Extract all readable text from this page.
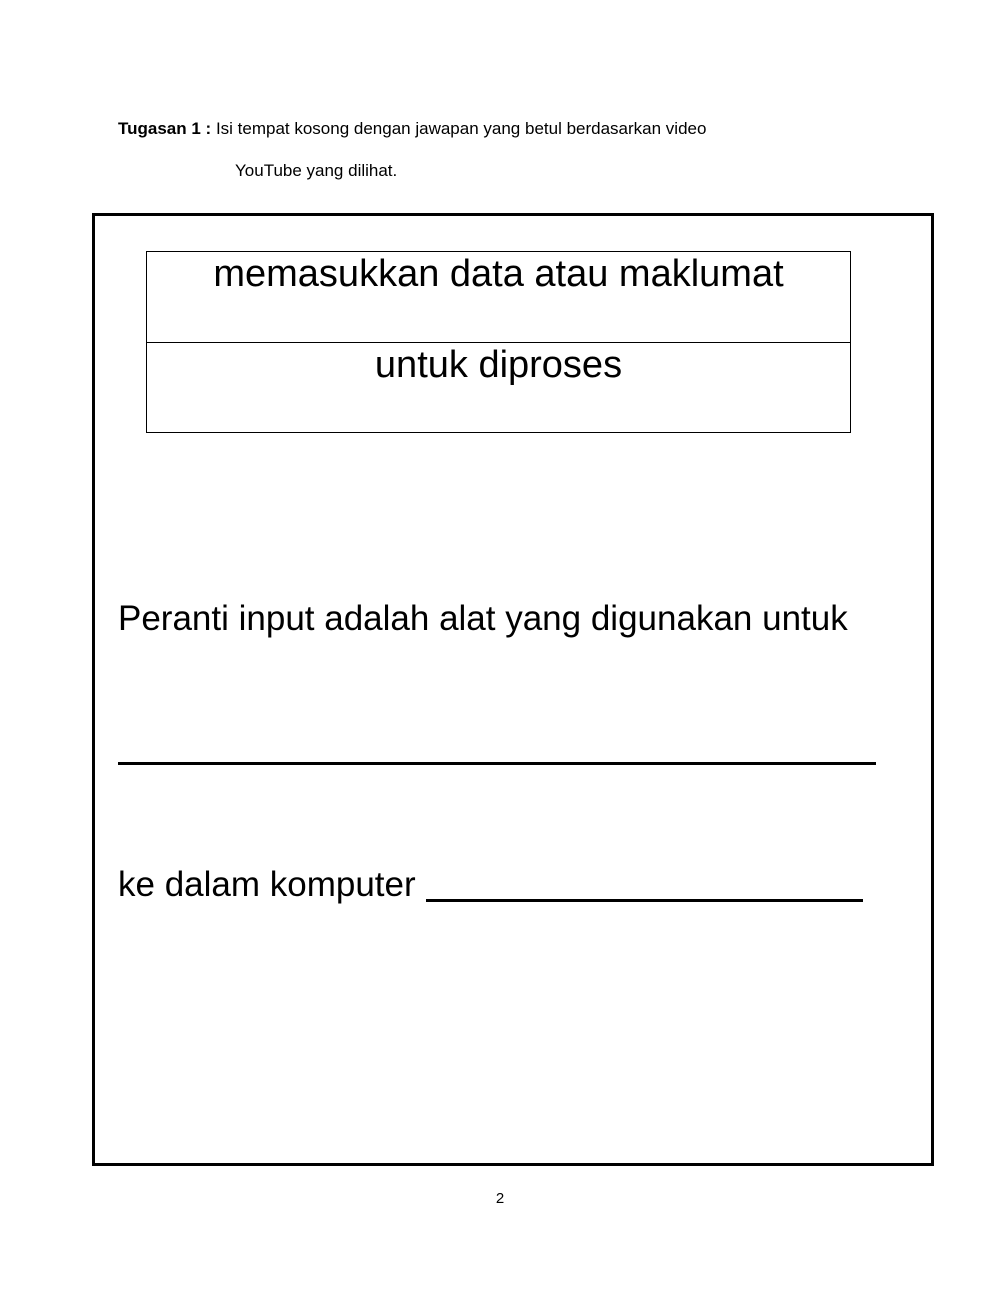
Tugasan 1 : Isi tempat kosong dengan jawapan yang betul berdasarkan video
YouTube yang dilihat.
memasukkan data atau maklumat
untuk diproses
Peranti input adalah alat yang digunakan untuk
ke dalam komputer
2
